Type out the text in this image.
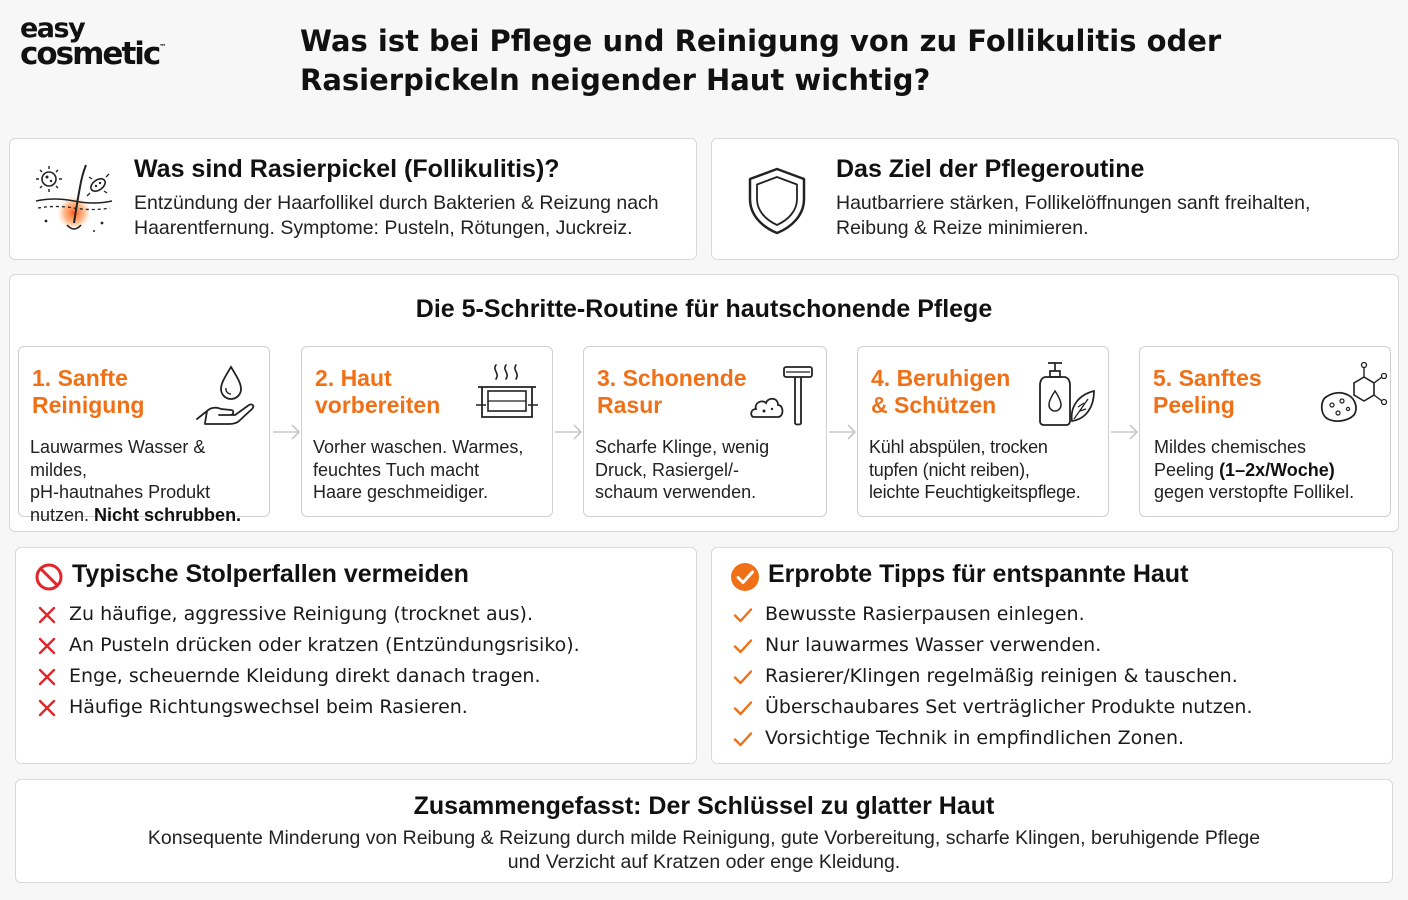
easy
cosmetic™	Was ist bei Pflege und Reinigung von zu Follikulitis oder
Rasierpickeln neigender Haut wichtig?
Was sind Rasierpickel (Follikulitis)?

Entzündung der Haarfollikel durch Bakterien & Reizung nach
Haarentfernung. Symptome: Pusteln, Rötungen, Juckreiz.

Das Ziel der Pflegeroutine

Hautbarriere stärken, Follikelöffnungen sanft freihalten,
Reibung & Reize minimieren.

Die 5-Schritte-Routine für hautschonende Pflege
1. Sanfte
Reinigung
Lauwarmes Wasser & mildes,
pH-hautnahes Produkt
nutzen. Nicht schrubben.
2. Haut
vorbereiten
Vorher waschen. Warmes,
feuchtes Tuch macht
Haare geschmeidiger.
3. Schonende
Rasur
Scharfe Klinge, wenig
Druck, Rasiergel/-
schaum verwenden.
4. Beruhigen
& Schützen
Kühl abspülen, trocken
tupfen (nicht reiben),
leichte Feuchtigkeitspflege.
5. Sanftes
Peeling
Mildes chemisches
Peeling (1–2x/Woche)
gegen verstopfte Follikel.
Typische Stolperfallen vermeiden
Zu häufige, aggressive Reinigung (trocknet aus).
An Pusteln drücken oder kratzen (Entzündungsrisiko).
Enge, scheuernde Kleidung direkt danach tragen.
Häufige Richtungswechsel beim Rasieren.
Erprobte Tipps für entspannte Haut
Bewusste Rasierpausen einlegen.
Nur lauwarmes Wasser verwenden.
Rasierer/Klingen regelmäßig reinigen & tauschen.
Überschaubares Set verträglicher Produkte nutzen.
Vorsichtige Technik in empfindlichen Zonen.
Zusammengefasst: Der Schlüssel zu glatter Haut

Konsequente Minderung von Reibung & Reizung durch milde Reinigung, gute Vorbereitung, scharfe Klingen, beruhigende Pflege
und Verzicht auf Kratzen oder enge Kleidung.
